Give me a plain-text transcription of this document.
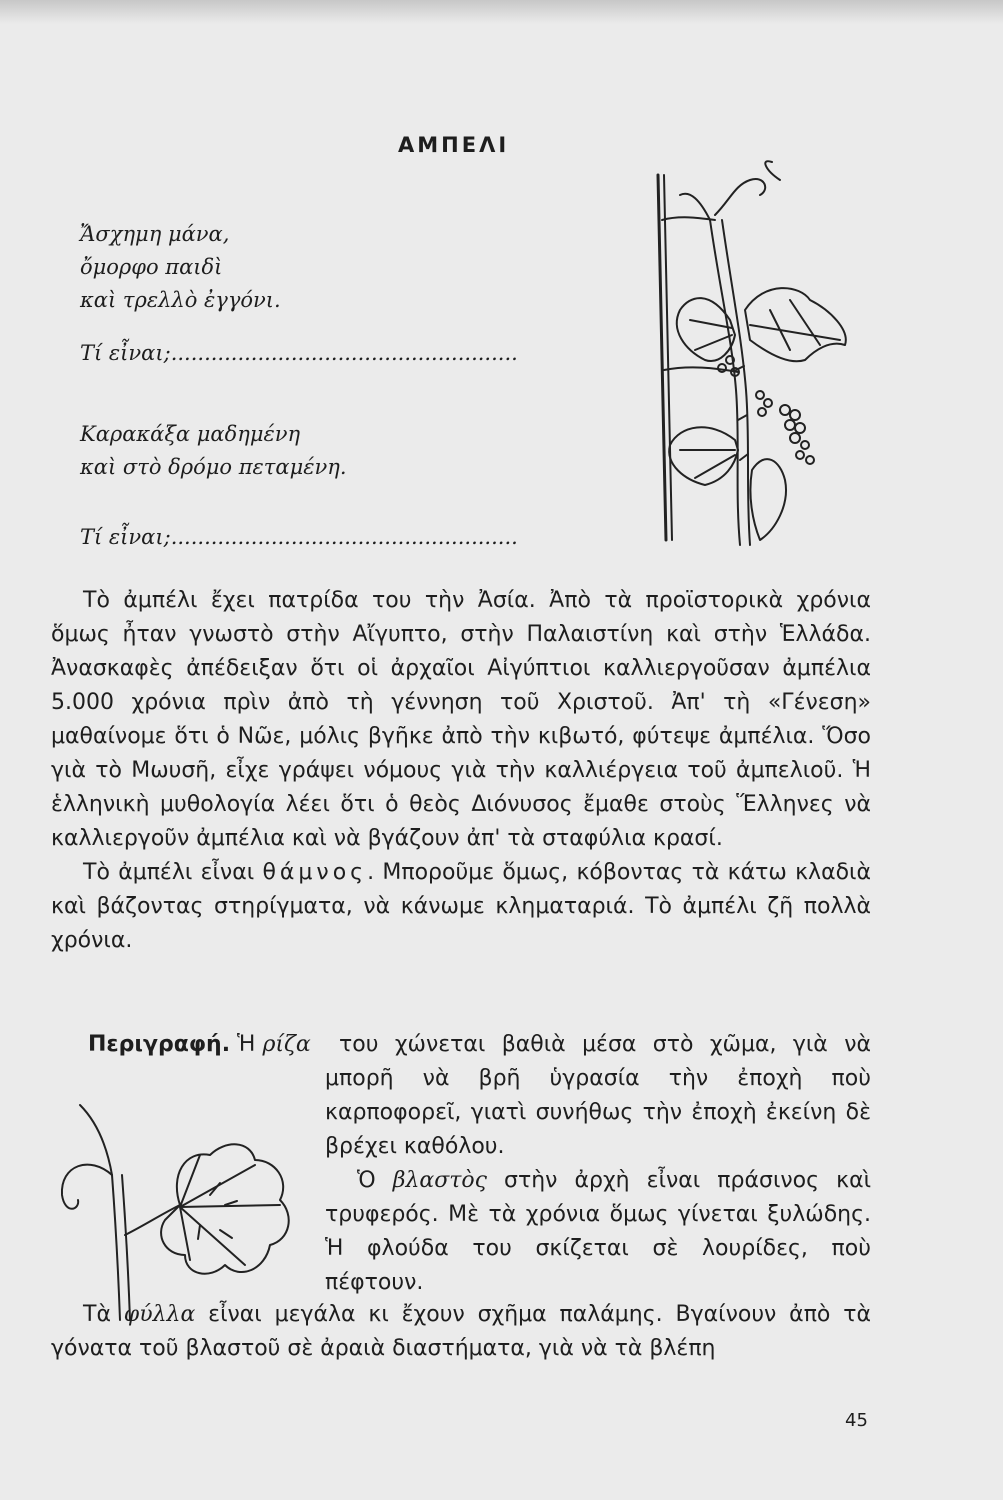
ΑΜΠΕΛΙ
Ἄσχημη μάνα,
ὄμορφο παιδὶ
καὶ τρελλὸ ἐγγόνι.
Τί εἶναι;....................................................
Καρακάξα μαδημένη
καὶ στὸ δρόμο πεταμένη.
Τί εἶναι;....................................................

Τὸ ἀμπέλι ἔχει πατρίδα του τὴν Ἀσία. Ἀπὸ τὰ προϊστορικὰ χρόνια ὅμως ἦταν γνωστὸ στὴν Αἴγυπτο, στὴν Παλαιστίνη καὶ στὴν Ἑλλάδα. Ἀνασκαφὲς ἀπέδειξαν ὅτι οἱ ἀρχαῖοι Αἰγύπτιοι καλλιεργοῦσαν ἀμπέλια 5.000 χρόνια πρὶν ἀπὸ τὴ γέννηση τοῦ Χριστοῦ. Ἀπ' τὴ «Γένεση» μαθαίνομε ὅτι ὁ Νῶε, μόλις βγῆκε ἀπὸ τὴν κιβωτό, φύτεψε ἀμπέλια. Ὅσο γιὰ τὸ Μωυσῆ, εἶχε γράψει νόμους γιὰ τὴν καλλιέργεια τοῦ ἀμπελιοῦ. Ἡ ἑλληνικὴ μυθολογία λέει ὅτι ὁ θεὸς Διόνυσος ἔμαθε στοὺς Ἕλληνες νὰ καλλιεργοῦν ἀμπέλια καὶ νὰ βγάζουν ἀπ' τὰ σταφύλια κρασί.

Τὸ ἀμπέλι εἶναι θάμνος. Μποροῦμε ὅμως, κόβοντας τὰ κάτω κλαδιὰ καὶ βάζοντας στηρίγματα, νὰ κάνωμε κληματαριά. Τὸ ἀμπέλι ζῆ πολλὰ χρόνια.

Περιγραφή. Ἡ ρίζα	του χώνεται βαθιὰ μέσα στὸ χῶμα, γιὰ νὰ μπορῆ νὰ βρῆ ὑγρασία τὴν ἐποχὴ ποὺ καρποφορεῖ, γιατὶ συνήθως τὴν ἐποχὴ ἐκείνη δὲ βρέχει καθόλου.

Ὁ βλαστὸς στὴν ἀρχὴ εἶναι πράσινος καὶ τρυφερός. Μὲ τὰ χρόνια ὅμως γίνεται ξυλώδης. Ἡ φλούδα του σκίζεται σὲ λουρίδες, ποὺ πέφτουν.

Τὰ φύλλα εἶναι μεγάλα κι ἔχουν σχῆμα παλάμης. Βγαίνουν ἀπὸ τὰ γόνατα τοῦ βλαστοῦ σὲ ἀραιὰ διαστήματα, γιὰ νὰ τὰ βλέπη

45
